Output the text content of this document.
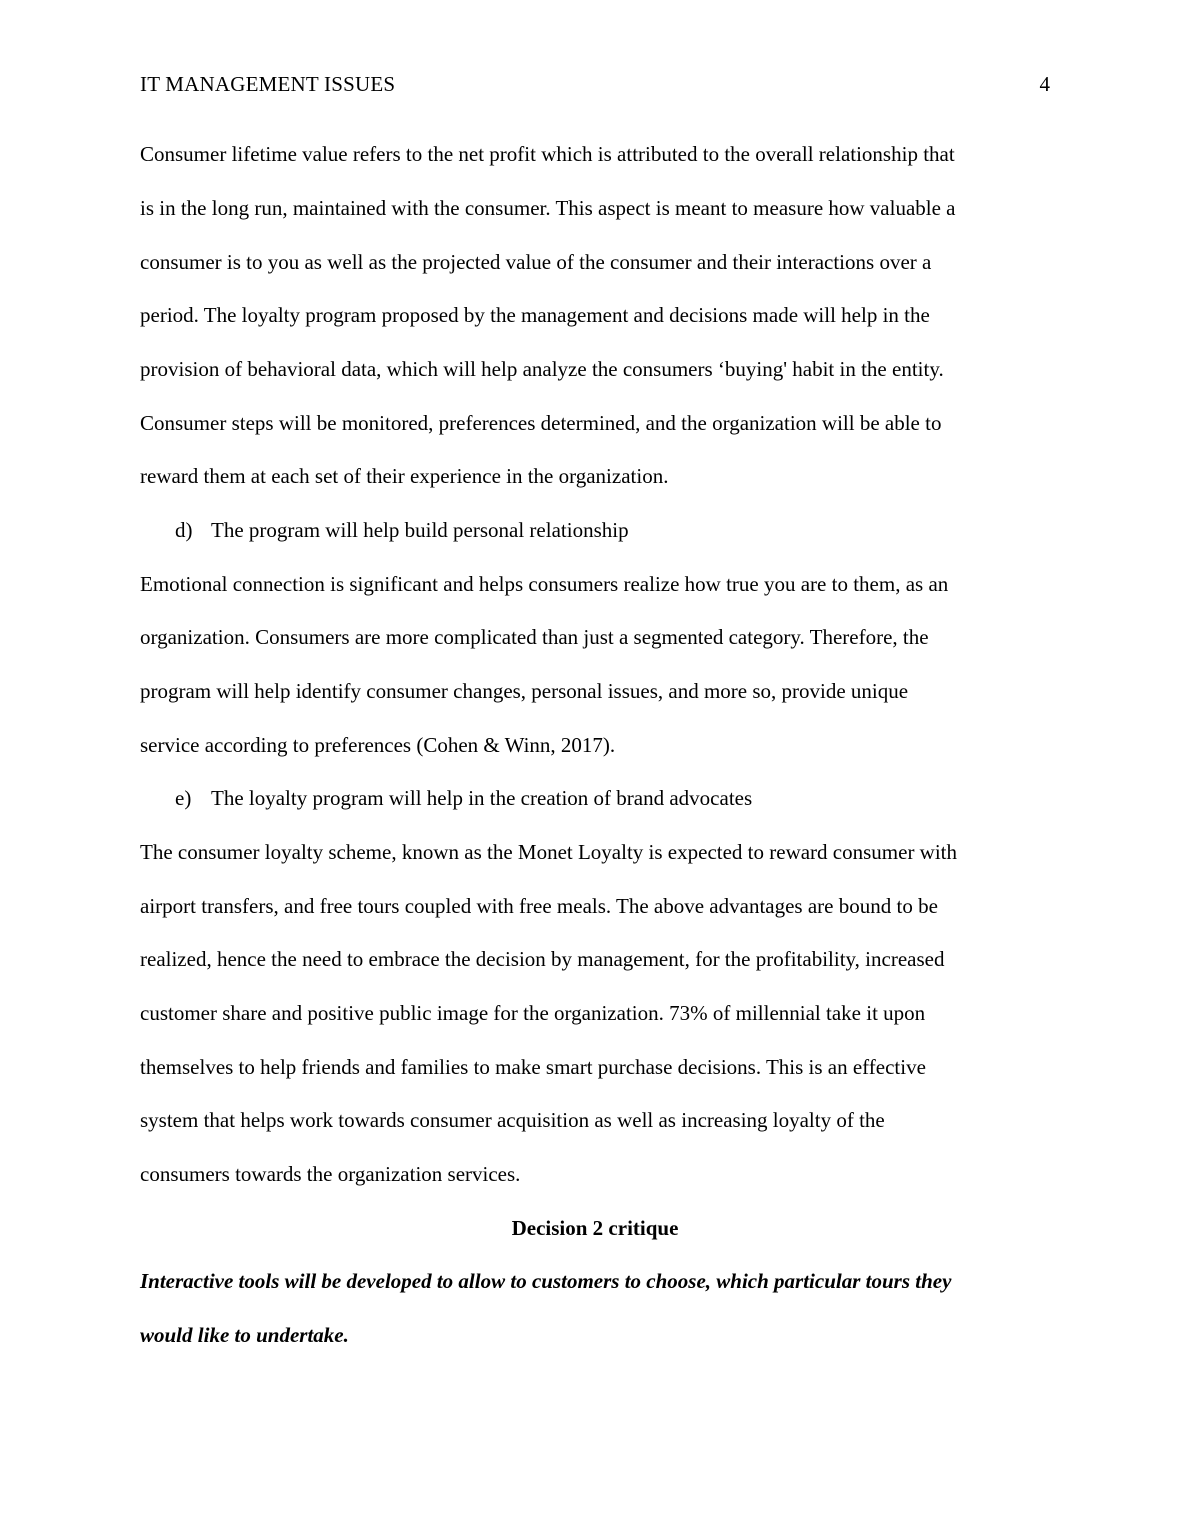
IT MANAGEMENT ISSUES	4
Consumer lifetime value refers to the net profit which is attributed to the overall relationship that
is in the long run, maintained with the consumer. This aspect is meant to measure how valuable a
consumer is to you as well as the projected value of the consumer and their interactions over a
period. The loyalty program proposed by the management and decisions made will help in the
provision of behavioral data, which will help analyze the consumers ‘buying' habit in the entity.
Consumer steps will be monitored, preferences determined, and the organization will be able to
reward them at each set of their experience in the organization.
d) The program will help build personal relationship
Emotional connection is significant and helps consumers realize how true you are to them, as an
organization. Consumers are more complicated than just a segmented category. Therefore, the
program will help identify consumer changes, personal issues, and more so, provide unique
service according to preferences (Cohen & Winn, 2017).
e) The loyalty program will help in the creation of brand advocates
The consumer loyalty scheme, known as the Monet Loyalty is expected to reward consumer with
airport transfers, and free tours coupled with free meals. The above advantages are bound to be
realized, hence the need to embrace the decision by management, for the profitability, increased
customer share and positive public image for the organization. 73% of millennial take it upon
themselves to help friends and families to make smart purchase decisions. This is an effective
system that helps work towards consumer acquisition as well as increasing loyalty of the
consumers towards the organization services.
Decision 2 critique
Interactive tools will be developed to allow to customers to choose, which particular tours they
would like to undertake.
